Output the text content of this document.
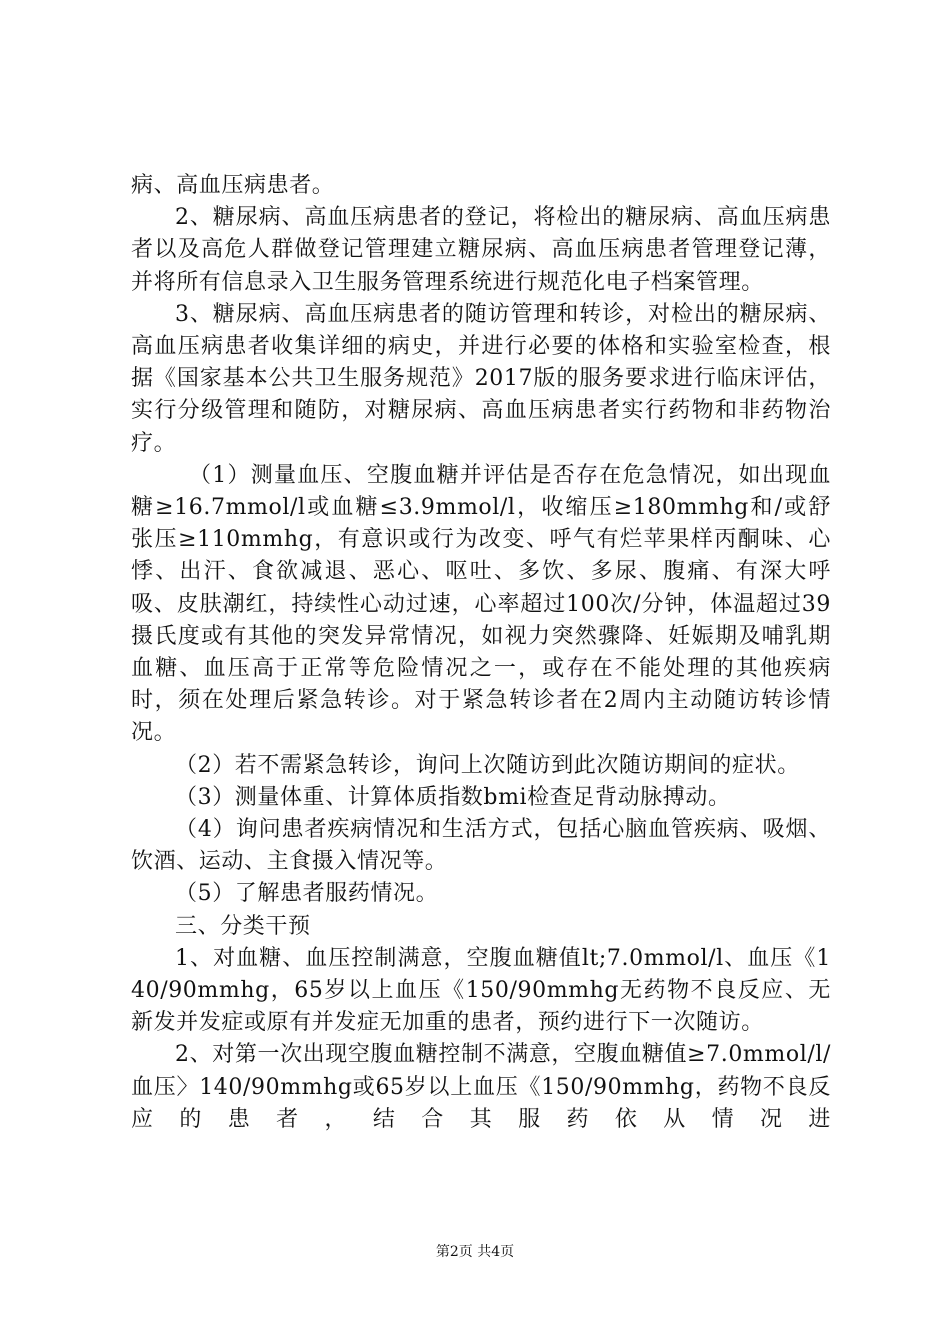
病、高血压病患者。

2、糖尿病、高血压病患者的登记，将检出的糖尿病、高血压病患者以及高危人群做登记管理建立糖尿病、高血压病患者管理登记薄，并将所有信息录入卫生服务管理系统进行规范化电子档案管理。

3、糖尿病、高血压病患者的随访管理和转诊，对检出的糖尿病、高血压病患者收集详细的病史，并进行必要的体格和实验室检查，根据《国家基本公共卫生服务规范》2017版的服务要求进行临床评估，实行分级管理和随防，对糖尿病、高血压病患者实行药物和非药物治疗。

（1）测量血压、空腹血糖并评估是否存在危急情况，如出现血糖≥16.7mmol/l或血糖≤3.9mmol/l，收缩压≥180mmhg和/或舒张压≥110mmhg，有意识或行为改变、呼气有烂苹果样丙酮味、心悸、出汗、食欲减退、恶心、呕吐、多饮、多尿、腹痛、有深大呼吸、皮肤潮红，持续性心动过速，心率超过100次/分钟，体温超过39摄氏度或有其他的突发异常情况，如视力突然骤降、妊娠期及哺乳期血糖、血压高于正常等危险情况之一，或存在不能处理的其他疾病时，须在处理后紧急转诊。对于紧急转诊者在2周内主动随访转诊情况。

（2）若不需紧急转诊，询问上次随访到此次随访期间的症状。

（3）测量体重、计算体质指数bmi检查足背动脉搏动。

（4）询问患者疾病情况和生活方式，包括心脑血管疾病、吸烟、饮酒、运动、主食摄入情况等。

（5）了解患者服药情况。

三、分类干预

1、对血糖、血压控制满意，空腹血糖值lt;7.0mmol/l、血压《140/90mmhg，65岁以上血压《150/90mmhg无药物不良反应、无新发并发症或原有并发症无加重的患者，预约进行下一次随访。

2、对第一次出现空腹血糖控制不满意，空腹血糖值≥7.0mmol/l/血压〉140/90mmhg或65岁以上血压《150/90mmhg，药物不良反应的患者，结合其服药依从情况进

第2页 共4页
